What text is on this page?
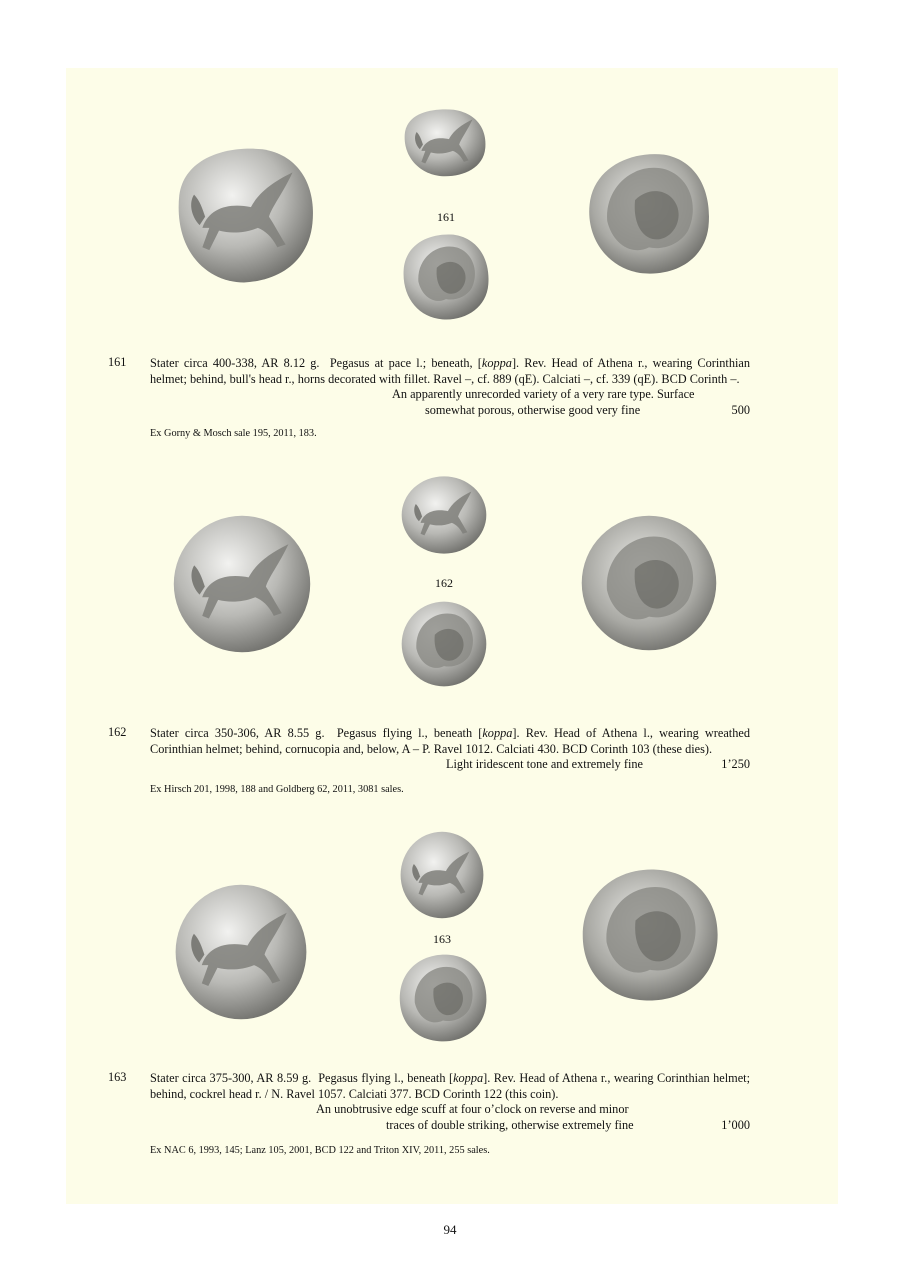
161
161 Stater circa 400-338, AR 8.12 g. Pegasus at pace l.; beneath, [koppa]. Rev. Head of Athena r., wearing Corinthian helmet; behind, bull's head r., horns decorated with fillet. Ravel –, cf. 889 (qE). Calciati –, cf. 339 (qE). BCD Corinth –.

An apparently unrecorded variety of a very rare type. Surface
somewhat porous, otherwise good very fine	500
Ex Gorny & Mosch sale 195, 2011, 183.
162
162 Stater circa 350-306, AR 8.55 g. Pegasus flying l., beneath [koppa]. Rev. Head of Athena l., wearing wreathed Corinthian helmet; behind, cornucopia and, below, A – P. Ravel 1012. Calciati 430. BCD Corinth 103 (these dies).

Light iridescent tone and extremely fine	1’250
Ex Hirsch 201, 1998, 188 and Goldberg 62, 2011, 3081 sales.
163
163 Stater circa 375-300, AR 8.59 g. Pegasus flying l., beneath [koppa]. Rev. Head of Athena r., wearing Corinthian helmet; behind, cockrel head r. / N. Ravel 1057. Calciati 377. BCD Corinth 122 (this coin).

An unobtrusive edge scuff at four o’clock on reverse and minor
traces of double striking, otherwise extremely fine	1’000
Ex NAC 6, 1993, 145; Lanz 105, 2001, BCD 122 and Triton XIV, 2011, 255 sales.
94
